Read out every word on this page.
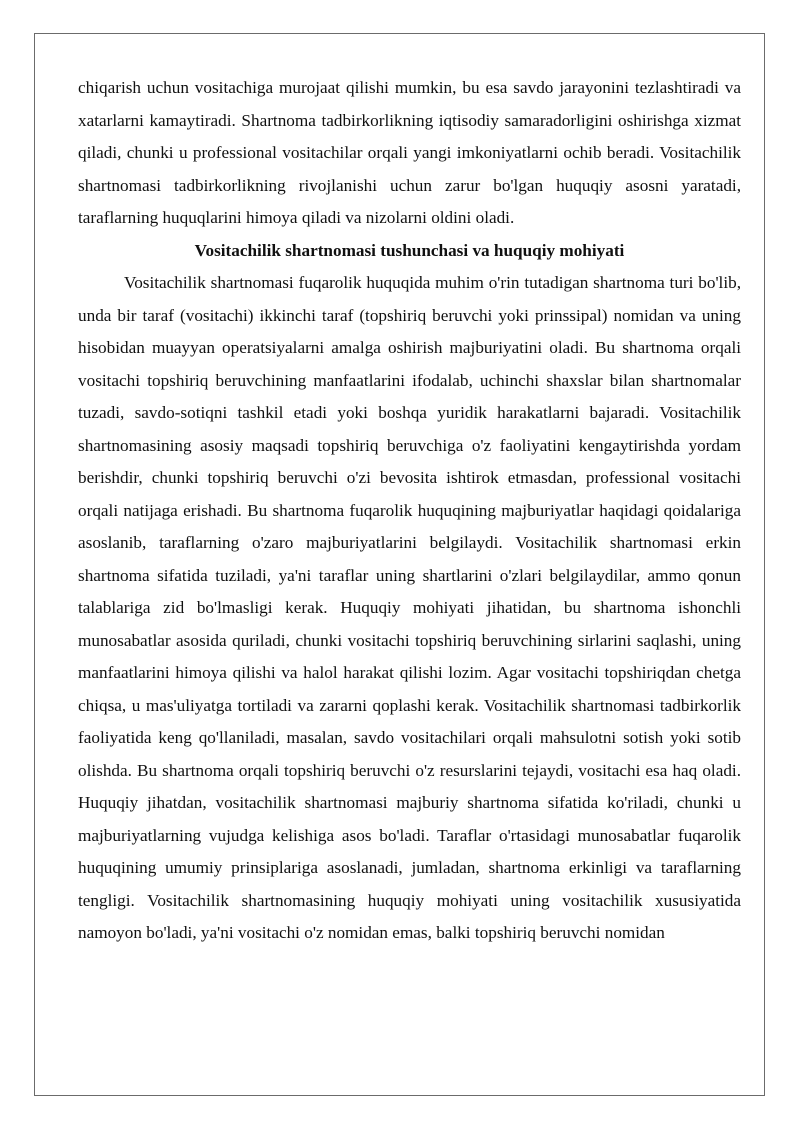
chiqarish uchun vositachiga murojaat qilishi mumkin, bu esa savdo jarayonini tezlashtiradi va xatarlarni kamaytiradi. Shartnoma tadbirkorlikning iqtisodiy samaradorligini oshirishga xizmat qiladi, chunki u professional vositachilar orqali yangi imkoniyatlarni ochib beradi. Vositachilik shartnomasi tadbirkorlikning rivojlanishi uchun zarur bo'lgan huquqiy asosni yaratadi, taraflarning huquqlarini himoya qiladi va nizolarni oldini oladi.

Vositachilik shartnomasi tushunchasi va huquqiy mohiyati

Vositachilik shartnomasi fuqarolik huquqida muhim o'rin tutadigan shartnoma turi bo'lib, unda bir taraf (vositachi) ikkinchi taraf (topshiriq beruvchi yoki prinssipal) nomidan va uning hisobidan muayyan operatsiyalarni amalga oshirish majburiyatini oladi. Bu shartnoma orqali vositachi topshiriq beruvchining manfaatlarini ifodalab, uchinchi shaxslar bilan shartnomalar tuzadi, savdo-sotiqni tashkil etadi yoki boshqa yuridik harakatlarni bajaradi. Vositachilik shartnomasining asosiy maqsadi topshiriq beruvchiga o'z faoliyatini kengaytirishda yordam berishdir, chunki topshiriq beruvchi o'zi bevosita ishtirok etmasdan, professional vositachi orqali natijaga erishadi. Bu shartnoma fuqarolik huquqining majburiyatlar haqidagi qoidalariga asoslanib, taraflarning o'zaro majburiyatlarini belgilaydi. Vositachilik shartnomasi erkin shartnoma sifatida tuziladi, ya'ni taraflar uning shartlarini o'zlari belgilaydilar, ammo qonun talablariga zid bo'lmasligi kerak. Huquqiy mohiyati jihatidan, bu shartnoma ishonchli munosabatlar asosida quriladi, chunki vositachi topshiriq beruvchining sirlarini saqlashi, uning manfaatlarini himoya qilishi va halol harakat qilishi lozim. Agar vositachi topshiriqdan chetga chiqsa, u mas'uliyatga tortiladi va zararni qoplashi kerak. Vositachilik shartnomasi tadbirkorlik faoliyatida keng qo'llaniladi, masalan, savdo vositachilari orqali mahsulotni sotish yoki sotib olishda. Bu shartnoma orqali topshiriq beruvchi o'z resurslarini tejaydi, vositachi esa haq oladi. Huquqiy jihatdan, vositachilik shartnomasi majburiy shartnoma sifatida ko'riladi, chunki u majburiyatlarning vujudga kelishiga asos bo'ladi. Taraflar o'rtasidagi munosabatlar fuqarolik huquqining umumiy prinsiplariga asoslanadi, jumladan, shartnoma erkinligi va taraflarning tengligi. Vositachilik shartnomasining huquqiy mohiyati uning vositachilik xususiyatida namoyon bo'ladi, ya'ni vositachi o'z nomidan emas, balki topshiriq beruvchi nomidan
